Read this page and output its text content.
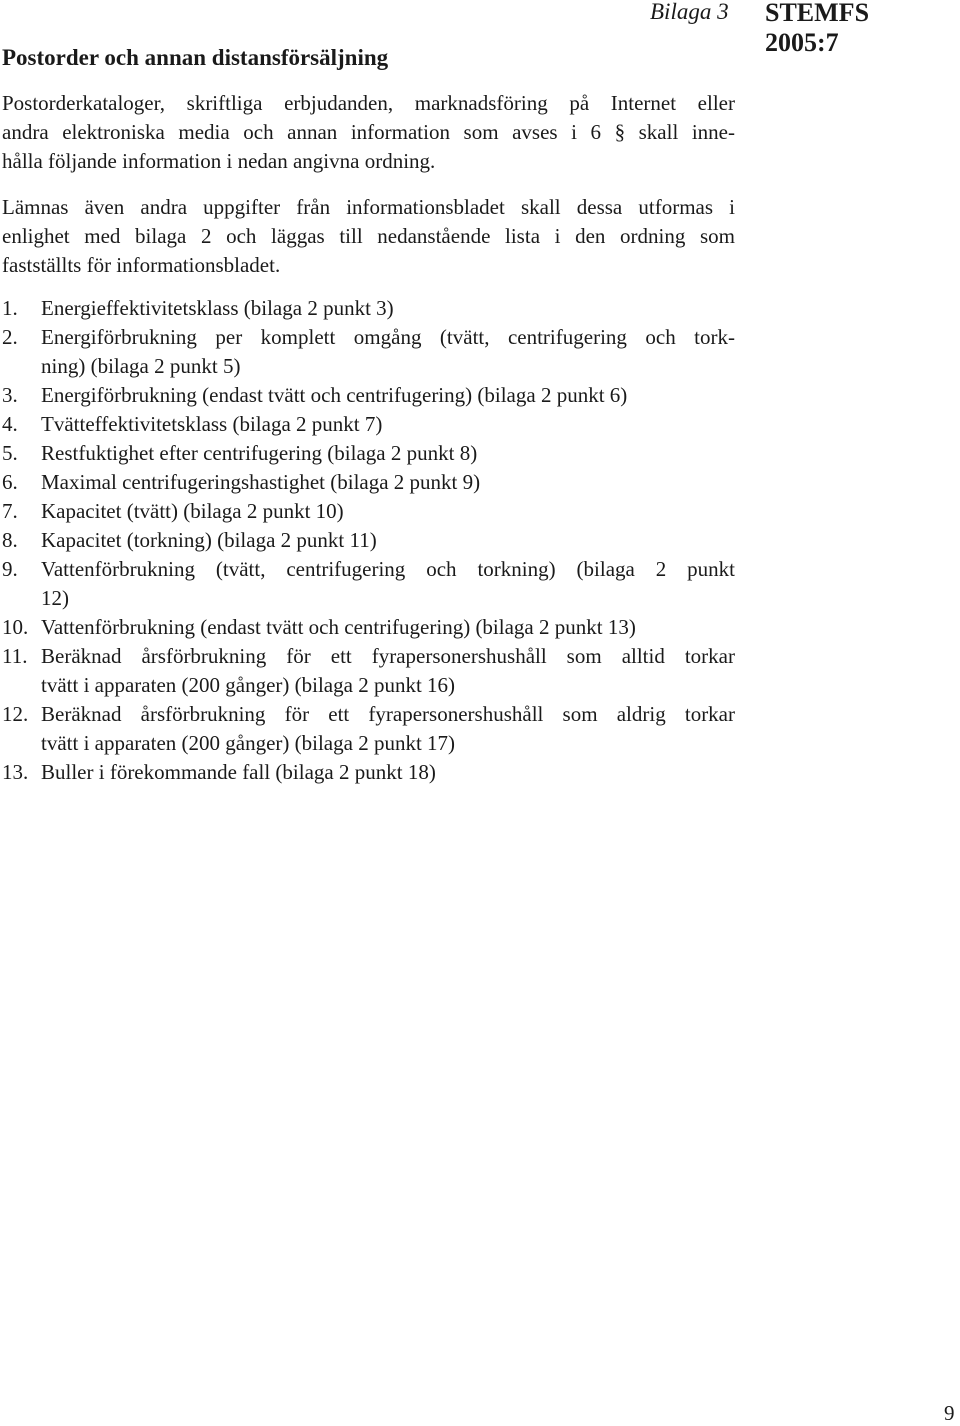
Bilaga 3 STEMFS
2005:7
Postorder och annan distansförsäljning

Postorderkataloger, skriftliga erbjudanden, marknadsföring på Internet eller
andra elektroniska media och annan information som avses i 6 § skall inne-
hålla följande information i nedan angivna ordning.

Lämnas även andra uppgifter från informationsbladet skall dessa utformas i
enlighet med bilaga 2 och läggas till nedanstående lista i den ordning som
fastställts för informationsbladet.

1.	Energieffektivitetsklass (bilaga 2 punkt 3)
2.	Energiförbrukning per komplett omgång (tvätt, centrifugering och tork-
ning) (bilaga 2 punkt 5)
3.	Energiförbrukning (endast tvätt och centrifugering) (bilaga 2 punkt 6)
4.	Tvätteffektivitetsklass (bilaga 2 punkt 7)
5.	Restfuktighet efter centrifugering (bilaga 2 punkt 8)
6.	Maximal centrifugeringshastighet (bilaga 2 punkt 9)
7.	Kapacitet (tvätt) (bilaga 2 punkt 10)
8.	Kapacitet (torkning) (bilaga 2 punkt 11)
9.	Vattenförbrukning (tvätt, centrifugering och torkning) (bilaga 2 punkt
12)
10. Vattenförbrukning (endast tvätt och centrifugering) (bilaga 2 punkt 13)
11. Beräknad årsförbrukning för ett fyrapersonershushåll som alltid torkar
tvätt i apparaten (200 gånger) (bilaga 2 punkt 16)
12. Beräknad årsförbrukning för ett fyrapersonershushåll som aldrig torkar
tvätt i apparaten (200 gånger) (bilaga 2 punkt 17)
13. Buller i förekommande fall (bilaga 2 punkt 18)
9
